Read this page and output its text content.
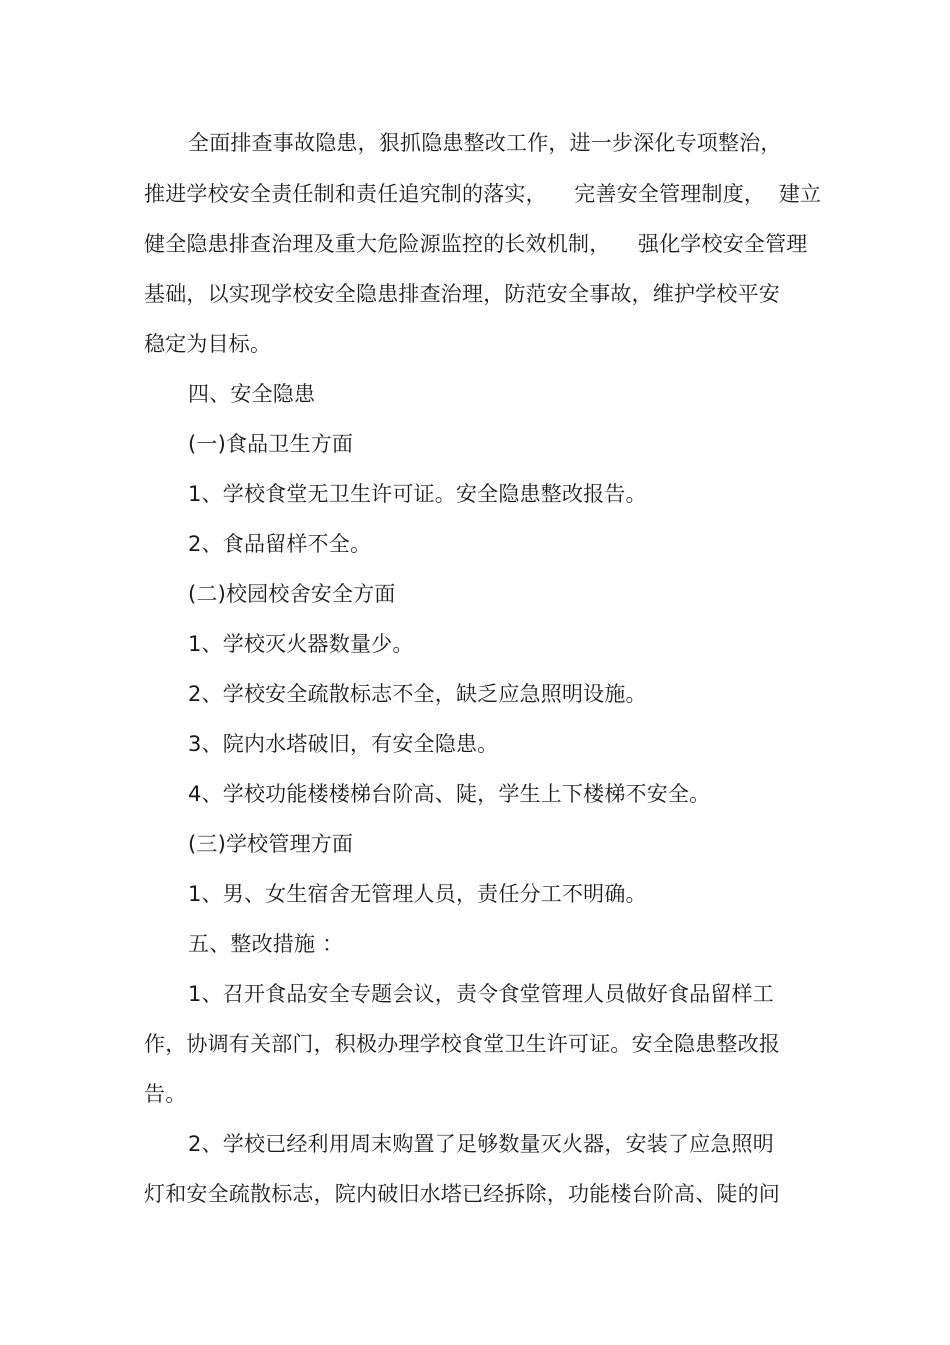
全面排查事故隐患，狠抓隐患整改工作，进一步深化专项整治，
推进学校安全责任制和责任追究制的落实，    完善安全管理制度，  建立
健全隐患排查治理及重大危险源监控的长效机制，    强化学校安全管理
基础，以实现学校安全隐患排查治理，防范安全事故，维护学校平安
稳定为目标。
四、安全隐患
(一)食品卫生方面
1、学校食堂无卫生许可证。安全隐患整改报告。
2、食品留样不全。
(二)校园校舍安全方面
1、学校灭火器数量少。
2、学校安全疏散标志不全，缺乏应急照明设施。
3、院内水塔破旧，有安全隐患。
4、学校功能楼楼梯台阶高、陡，学生上下楼梯不安全。
(三)学校管理方面
1、男、女生宿舍无管理人员，责任分工不明确。
五、整改措施 ：
1、召开食品安全专题会议，责令食堂管理人员做好食品留样工
作，协调有关部门，积极办理学校食堂卫生许可证。安全隐患整改报
告。
2、学校已经利用周末购置了足够数量灭火器，安装了应急照明
灯和安全疏散标志，院内破旧水塔已经拆除，功能楼台阶高、陡的问
